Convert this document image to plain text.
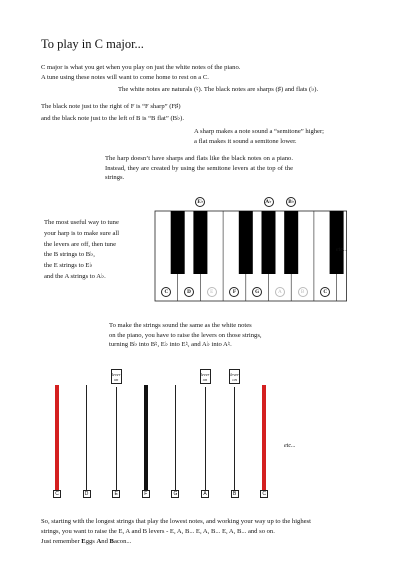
To play in C major...
C major is what you get when you play on just the white notes of the piano.
A tune using these notes will want to come home to rest on a C.
The white notes are naturals (♮). The black notes are sharps (♯) and flats (♭).
The black note just to the right of F is “F sharp” (F♯)
and the black note just to the left of B is “B flat” (B♭).
A sharp makes a note sound a “semitone” higher;
a flat makes it sound a semitone lower.
The harp doesn’t have sharps and flats like the black notes on a piano. Instead, they are created by using the semitone levers at the top of the strings.
The most useful way to tune
your harp is to make sure all
the levers are off, then tune
the B strings to B♭,
the E strings to E♭
and the A strings to A♭.
C	D	E	F	G	A	B	C
E♭	A♭	B♭
etc...
To make the strings sound the same as the white notes
on the piano, you have to raise the levers on those strings,
turning B♭ into B♮, E♭ into E♮, and A♭ into A♮.
C	D	E
lever
on
F	G	A
lever
on
B
lever
on
C
etc...
So, starting with the longest strings that play the lowest notes, and working your way up to the highest
strings, you want to raise the E, A and B levers - E, A, B... E, A, B... E, A, B... and so on.
Just remember Eggs And Bacon...
